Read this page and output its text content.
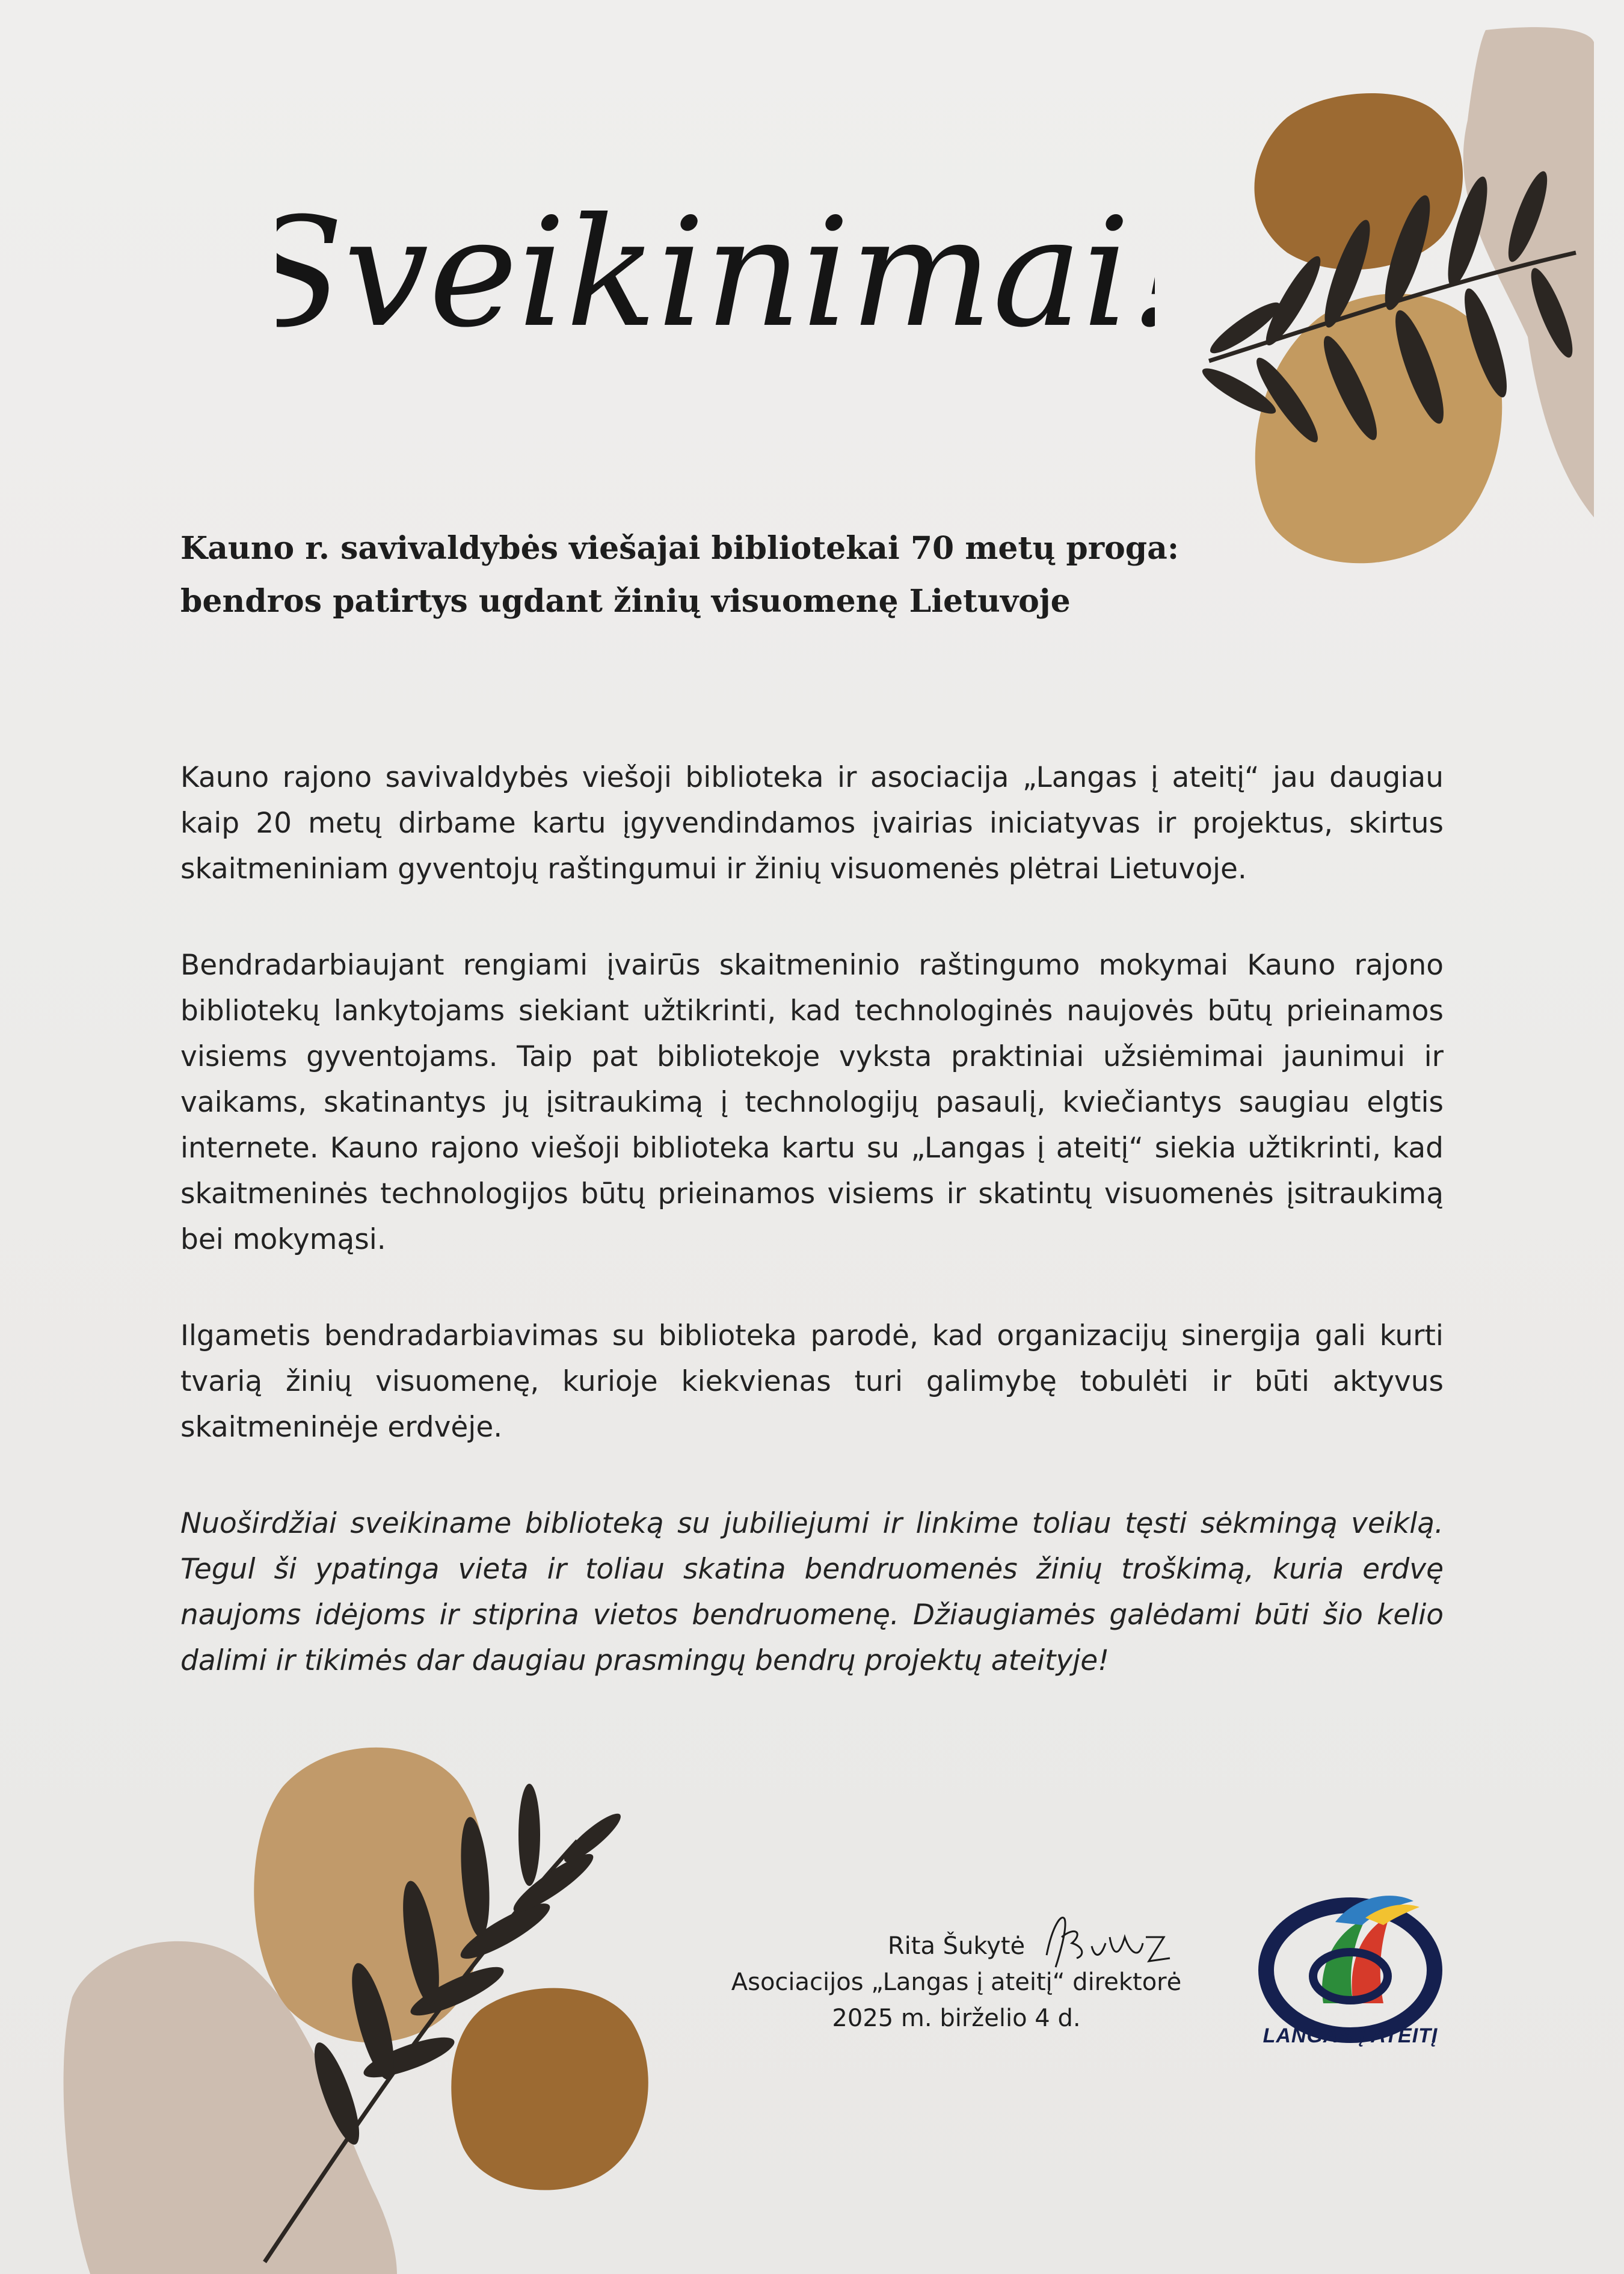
Sveikinimai!
Kauno r. savivaldybės viešajai bibliotekai 70 metų proga:
bendros patirtys ugdant žinių visuomenę Lietuvoje

Kauno rajono savivaldybės viešoji biblioteka ir asociacija „Langas į ateitį“ jau daugiau kaip 20 metų dirbame kartu įgyvendindamos įvairias iniciatyvas ir projektus, skirtus skaitmeniniam gyventojų raštingumui ir žinių visuomenės plėtrai Lietuvoje.

Bendradarbiaujant rengiami įvairūs skaitmeninio raštingumo mokymai Kauno rajono bibliotekų lankytojams siekiant užtikrinti, kad technologinės naujovės būtų prieinamos visiems gyventojams. Taip pat bibliotekoje vyksta praktiniai užsiėmimai jaunimui ir vaikams, skatinantys jų įsitraukimą į technologijų pasaulį, kviečiantys saugiau elgtis internete. Kauno rajono viešoji biblioteka kartu su „Langas į ateitį“ siekia užtikrinti, kad skaitmeninės technologijos būtų prieinamos visiems ir skatintų visuomenės įsitraukimą bei mokymąsi.

Ilgametis bendradarbiavimas su biblioteka parodė, kad organizacijų sinergija gali kurti tvarią žinių visuomenę, kurioje kiekvienas turi galimybę tobulėti ir būti aktyvus skaitmeninėje erdvėje.

Nuoširdžiai sveikiname biblioteką su jubiliejumi ir linkime toliau tęsti sėkmingą veiklą. Tegul ši ypatinga vieta ir toliau skatina bendruomenės žinių troškimą, kuria erdvę naujoms idėjoms ir stiprina vietos bendruomenę. Džiaugiamės galėdami būti šio kelio dalimi ir tikimės dar daugiau prasmingų bendrų projektų ateityje!

Rita Šukytė
Asociacijos „Langas į ateitį“ direktorė
2025 m. birželio 4 d.
LANGAS Į ATEITĮ
